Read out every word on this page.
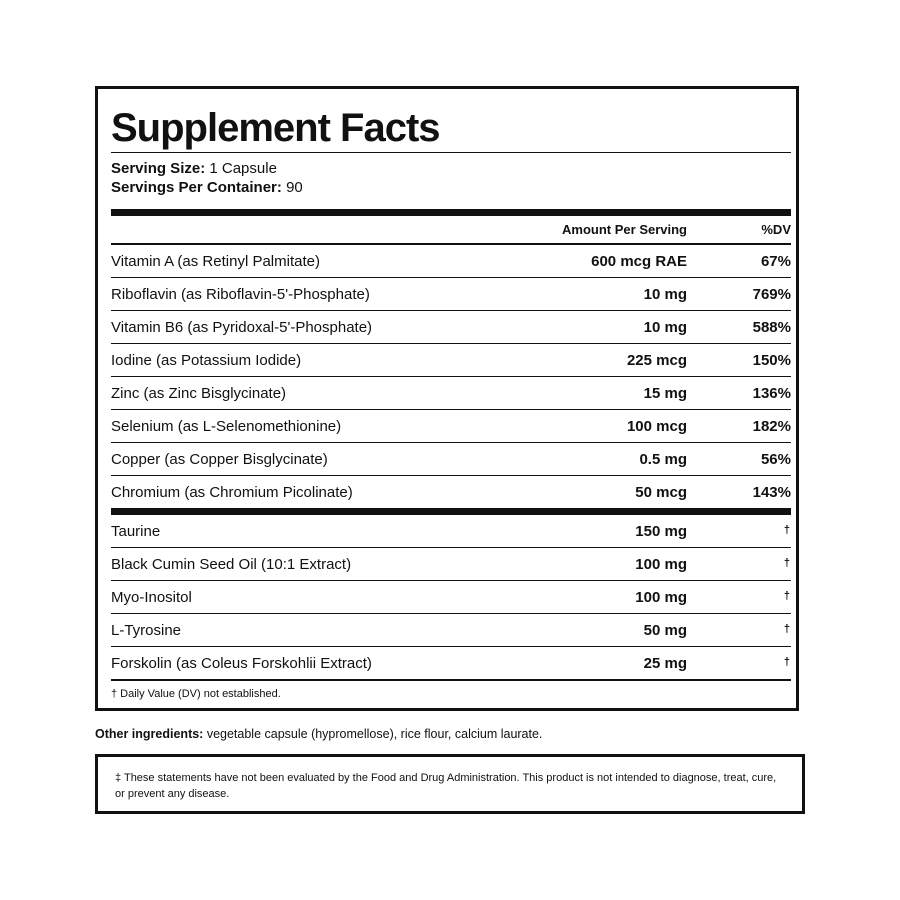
Supplement Facts
Serving Size: 1 Capsule
Servings Per Container: 90
Amount Per Serving	%DV
Vitamin A (as Retinyl Palmitate)	600 mcg RAE	67%
Riboflavin (as Riboflavin-5'-Phosphate)	10 mg	769%
Vitamin B6 (as Pyridoxal-5'-Phosphate)	10 mg	588%
Iodine (as Potassium Iodide)	225 mcg	150%
Zinc (as Zinc Bisglycinate)	15 mg	136%
Selenium (as L-Selenomethionine)	100 mcg	182%
Copper (as Copper Bisglycinate)	0.5 mg	56%
Chromium (as Chromium Picolinate)	50 mcg	143%
Taurine	150 mg	†
Black Cumin Seed Oil (10:1 Extract)	100 mg	†
Myo-Inositol	100 mg	†
L-Tyrosine	50 mg	†
Forskolin (as Coleus Forskohlii Extract)	25 mg	†
† Daily Value (DV) not established.
Other ingredients: vegetable capsule (hypromellose), rice flour, calcium laurate.
‡ These statements have not been evaluated by the Food and Drug Administration. This product is not intended to diagnose, treat, cure, or prevent any disease.
